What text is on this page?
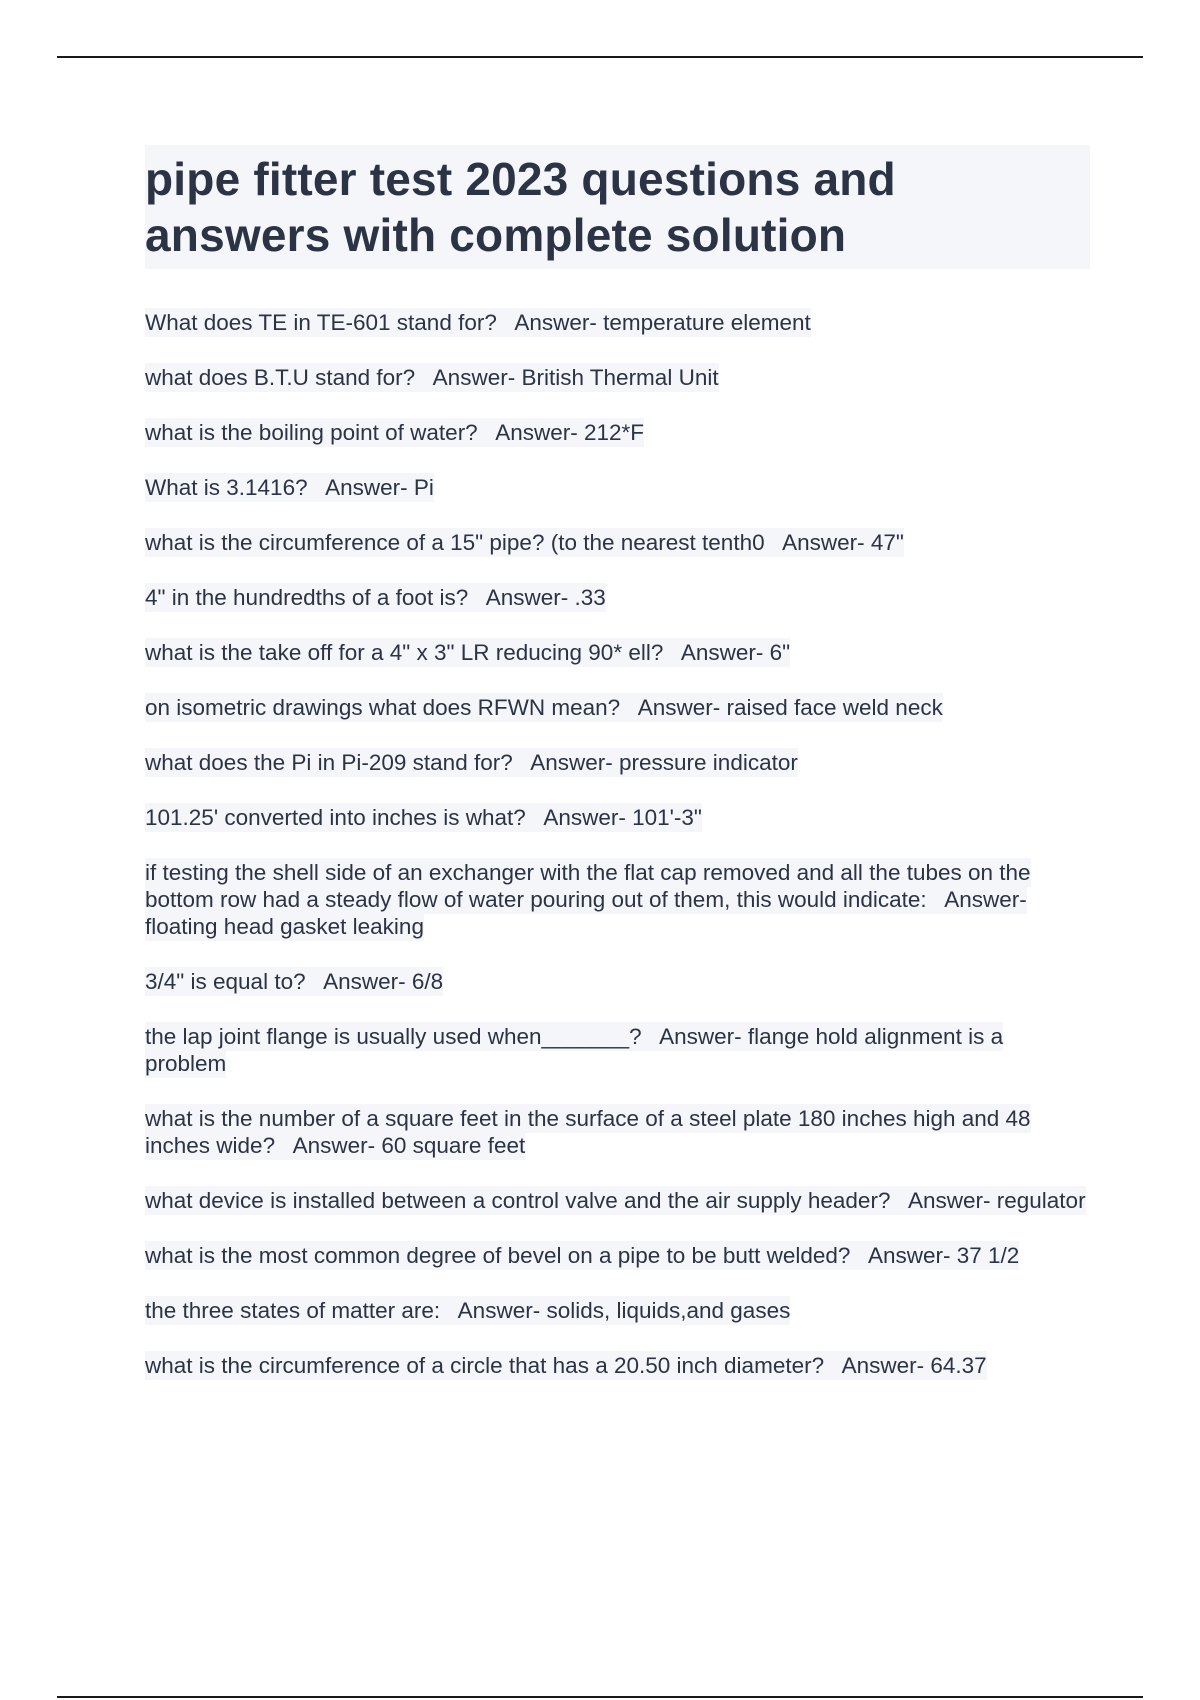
pipe fitter test 2023 questions and answers with complete solution

What does TE in TE-601 stand for? Answer- temperature element

what does B.T.U stand for? Answer- British Thermal Unit

what is the boiling point of water? Answer- 212*F

What is 3.1416? Answer- Pi

what is the circumference of a 15" pipe? (to the nearest tenth0 Answer- 47"

4" in the hundredths of a foot is? Answer- .33

what is the take off for a 4" x 3" LR reducing 90* ell? Answer- 6"

on isometric drawings what does RFWN mean? Answer- raised face weld neck

what does the Pi in Pi-209 stand for? Answer- pressure indicator

101.25' converted into inches is what? Answer- 101'-3"

if testing the shell side of an exchanger with the flat cap removed and all the tubes on the bottom row had a steady flow of water pouring out of them, this would indicate: Answer- floating head gasket leaking

3/4" is equal to? Answer- 6/8

the lap joint flange is usually used when_______? Answer- flange hold alignment is a problem

what is the number of a square feet in the surface of a steel plate 180 inches high and 48 inches wide? Answer- 60 square feet

what device is installed between a control valve and the air supply header? Answer- regulator

what is the most common degree of bevel on a pipe to be butt welded? Answer- 37 1/2

the three states of matter are: Answer- solids, liquids,and gases

what is the circumference of a circle that has a 20.50 inch diameter? Answer- 64.37
